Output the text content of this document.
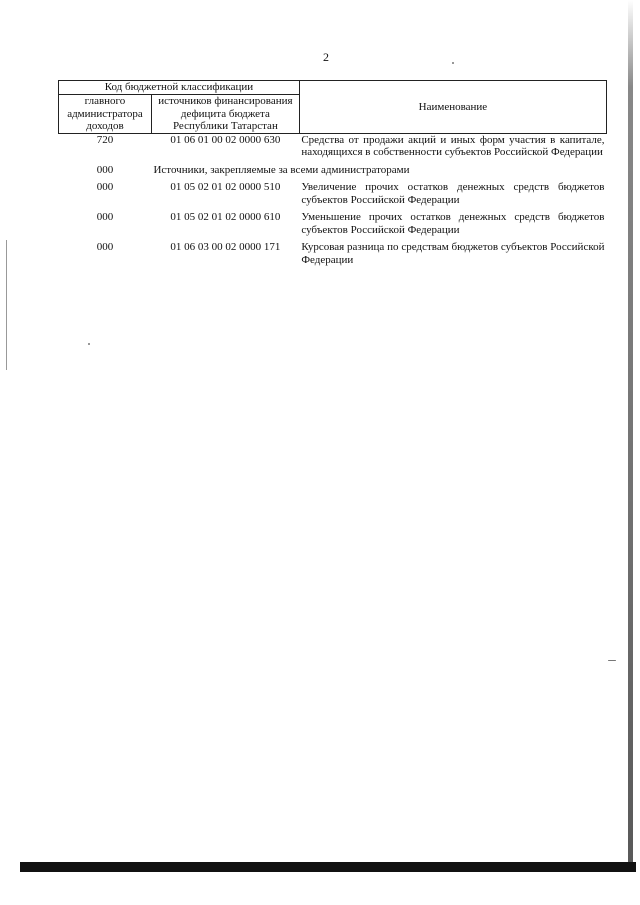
2
Код бюджетной классификации		Наименование
главного администратора доходов	источников финансирования дефицита бюджета Республики Татарстан	
720	01 06 01 00 02 0000 630	Средства от продажи акций и иных форм участия в капитале, находящихся в собственности субъектов Российской Федерации

000	Источники, закрепляемые за всеми администраторами	

000	01 05 02 01 02 0000 510	Увеличение прочих остатков денежных средств бюджетов субъектов Российской Федерации

000	01 05 02 01 02 0000 610	Уменьшение прочих остатков денежных средств бюджетов субъектов Российской Федерации

000	01 06 03 00 02 0000 171	Курсовая разница по средствам бюджетов субъектов Российской Федерации
